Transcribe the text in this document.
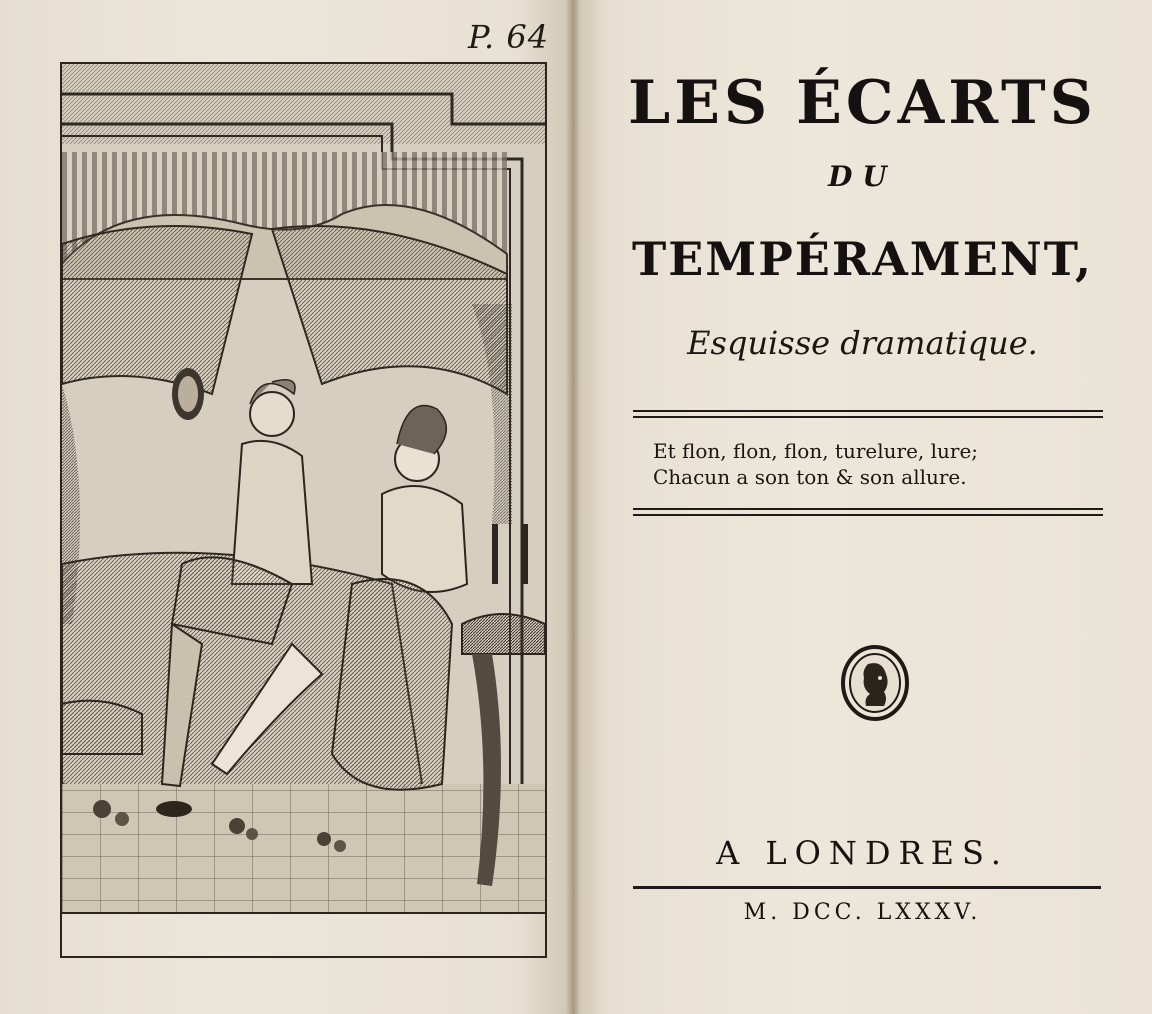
P. 64
LES ÉCARTS
DU
TEMPÉRAMENT,
Esquisse dramatique.
Et flon, flon, flon, turelure, lure;
Chacun a son ton & son allure.
A LONDRES.
M. DCC. LXXXV.
